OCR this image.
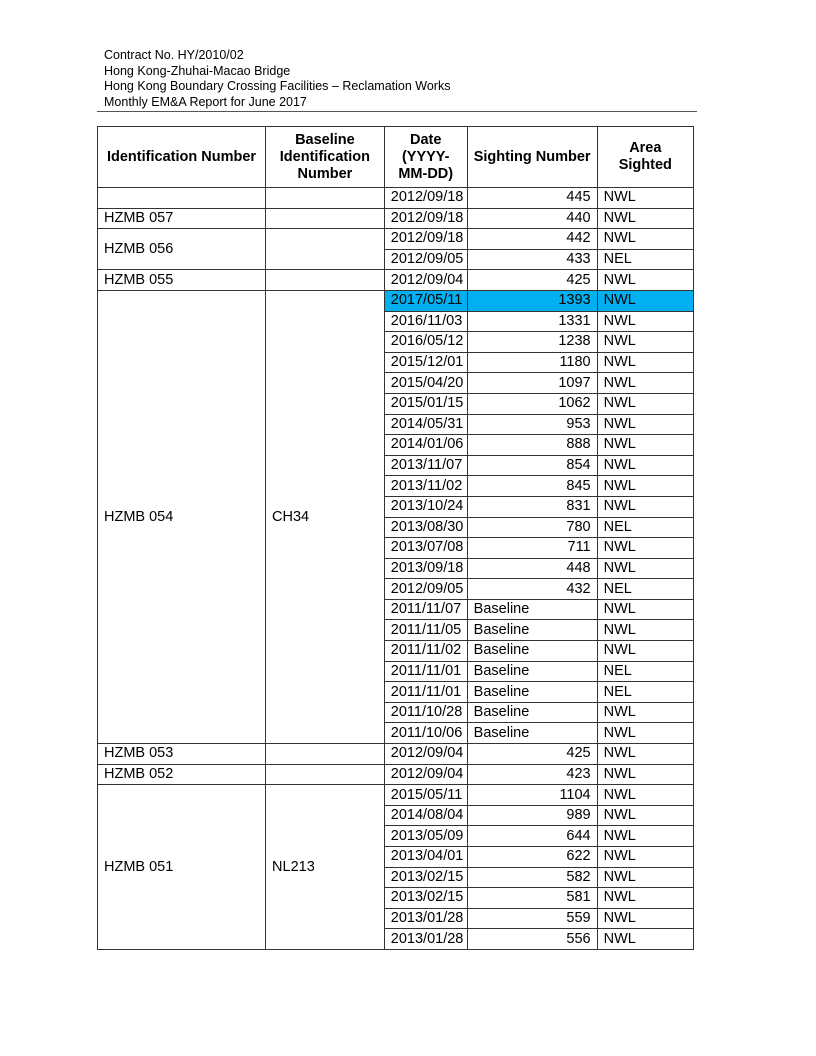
Contract No. HY/2010/02
Hong Kong-Zhuhai-Macao Bridge
Hong Kong Boundary Crossing Facilities – Reclamation Works
Monthly EM&A Report for June 2017
Identification Number	Baseline Identification Number	Date (YYYY-MM-DD)	Sighting Number	Area Sighted
		2012/09/18	445	NWL
HZMB 057		2012/09/18	440	NWL
HZMB 056		2012/09/18	442	NWL
		2012/09/05	433	NEL
HZMB 055		2012/09/04	425	NWL
HZMB 054	CH34	2017/05/11	1393	NWL
		2016/11/03	1331	NWL
		2016/05/12	1238	NWL
		2015/12/01	1180	NWL
		2015/04/20	1097	NWL
		2015/01/15	1062	NWL
		2014/05/31	953	NWL
		2014/01/06	888	NWL
		2013/11/07	854	NWL
		2013/11/02	845	NWL
		2013/10/24	831	NWL
		2013/08/30	780	NEL
		2013/07/08	711	NWL
		2013/09/18	448	NWL
		2012/09/05	432	NEL
		2011/11/07	Baseline	NWL
		2011/11/05	Baseline	NWL
		2011/11/02	Baseline	NWL
		2011/11/01	Baseline	NEL
		2011/11/01	Baseline	NEL
		2011/10/28	Baseline	NWL
		2011/10/06	Baseline	NWL
HZMB 053		2012/09/04	425	NWL
HZMB 052		2012/09/04	423	NWL
HZMB 051	NL213	2015/05/11	1104	NWL
		2014/08/04	989	NWL
		2013/05/09	644	NWL
		2013/04/01	622	NWL
		2013/02/15	582	NWL
		2013/02/15	581	NWL
		2013/01/28	559	NWL
		2013/01/28	556	NWL
